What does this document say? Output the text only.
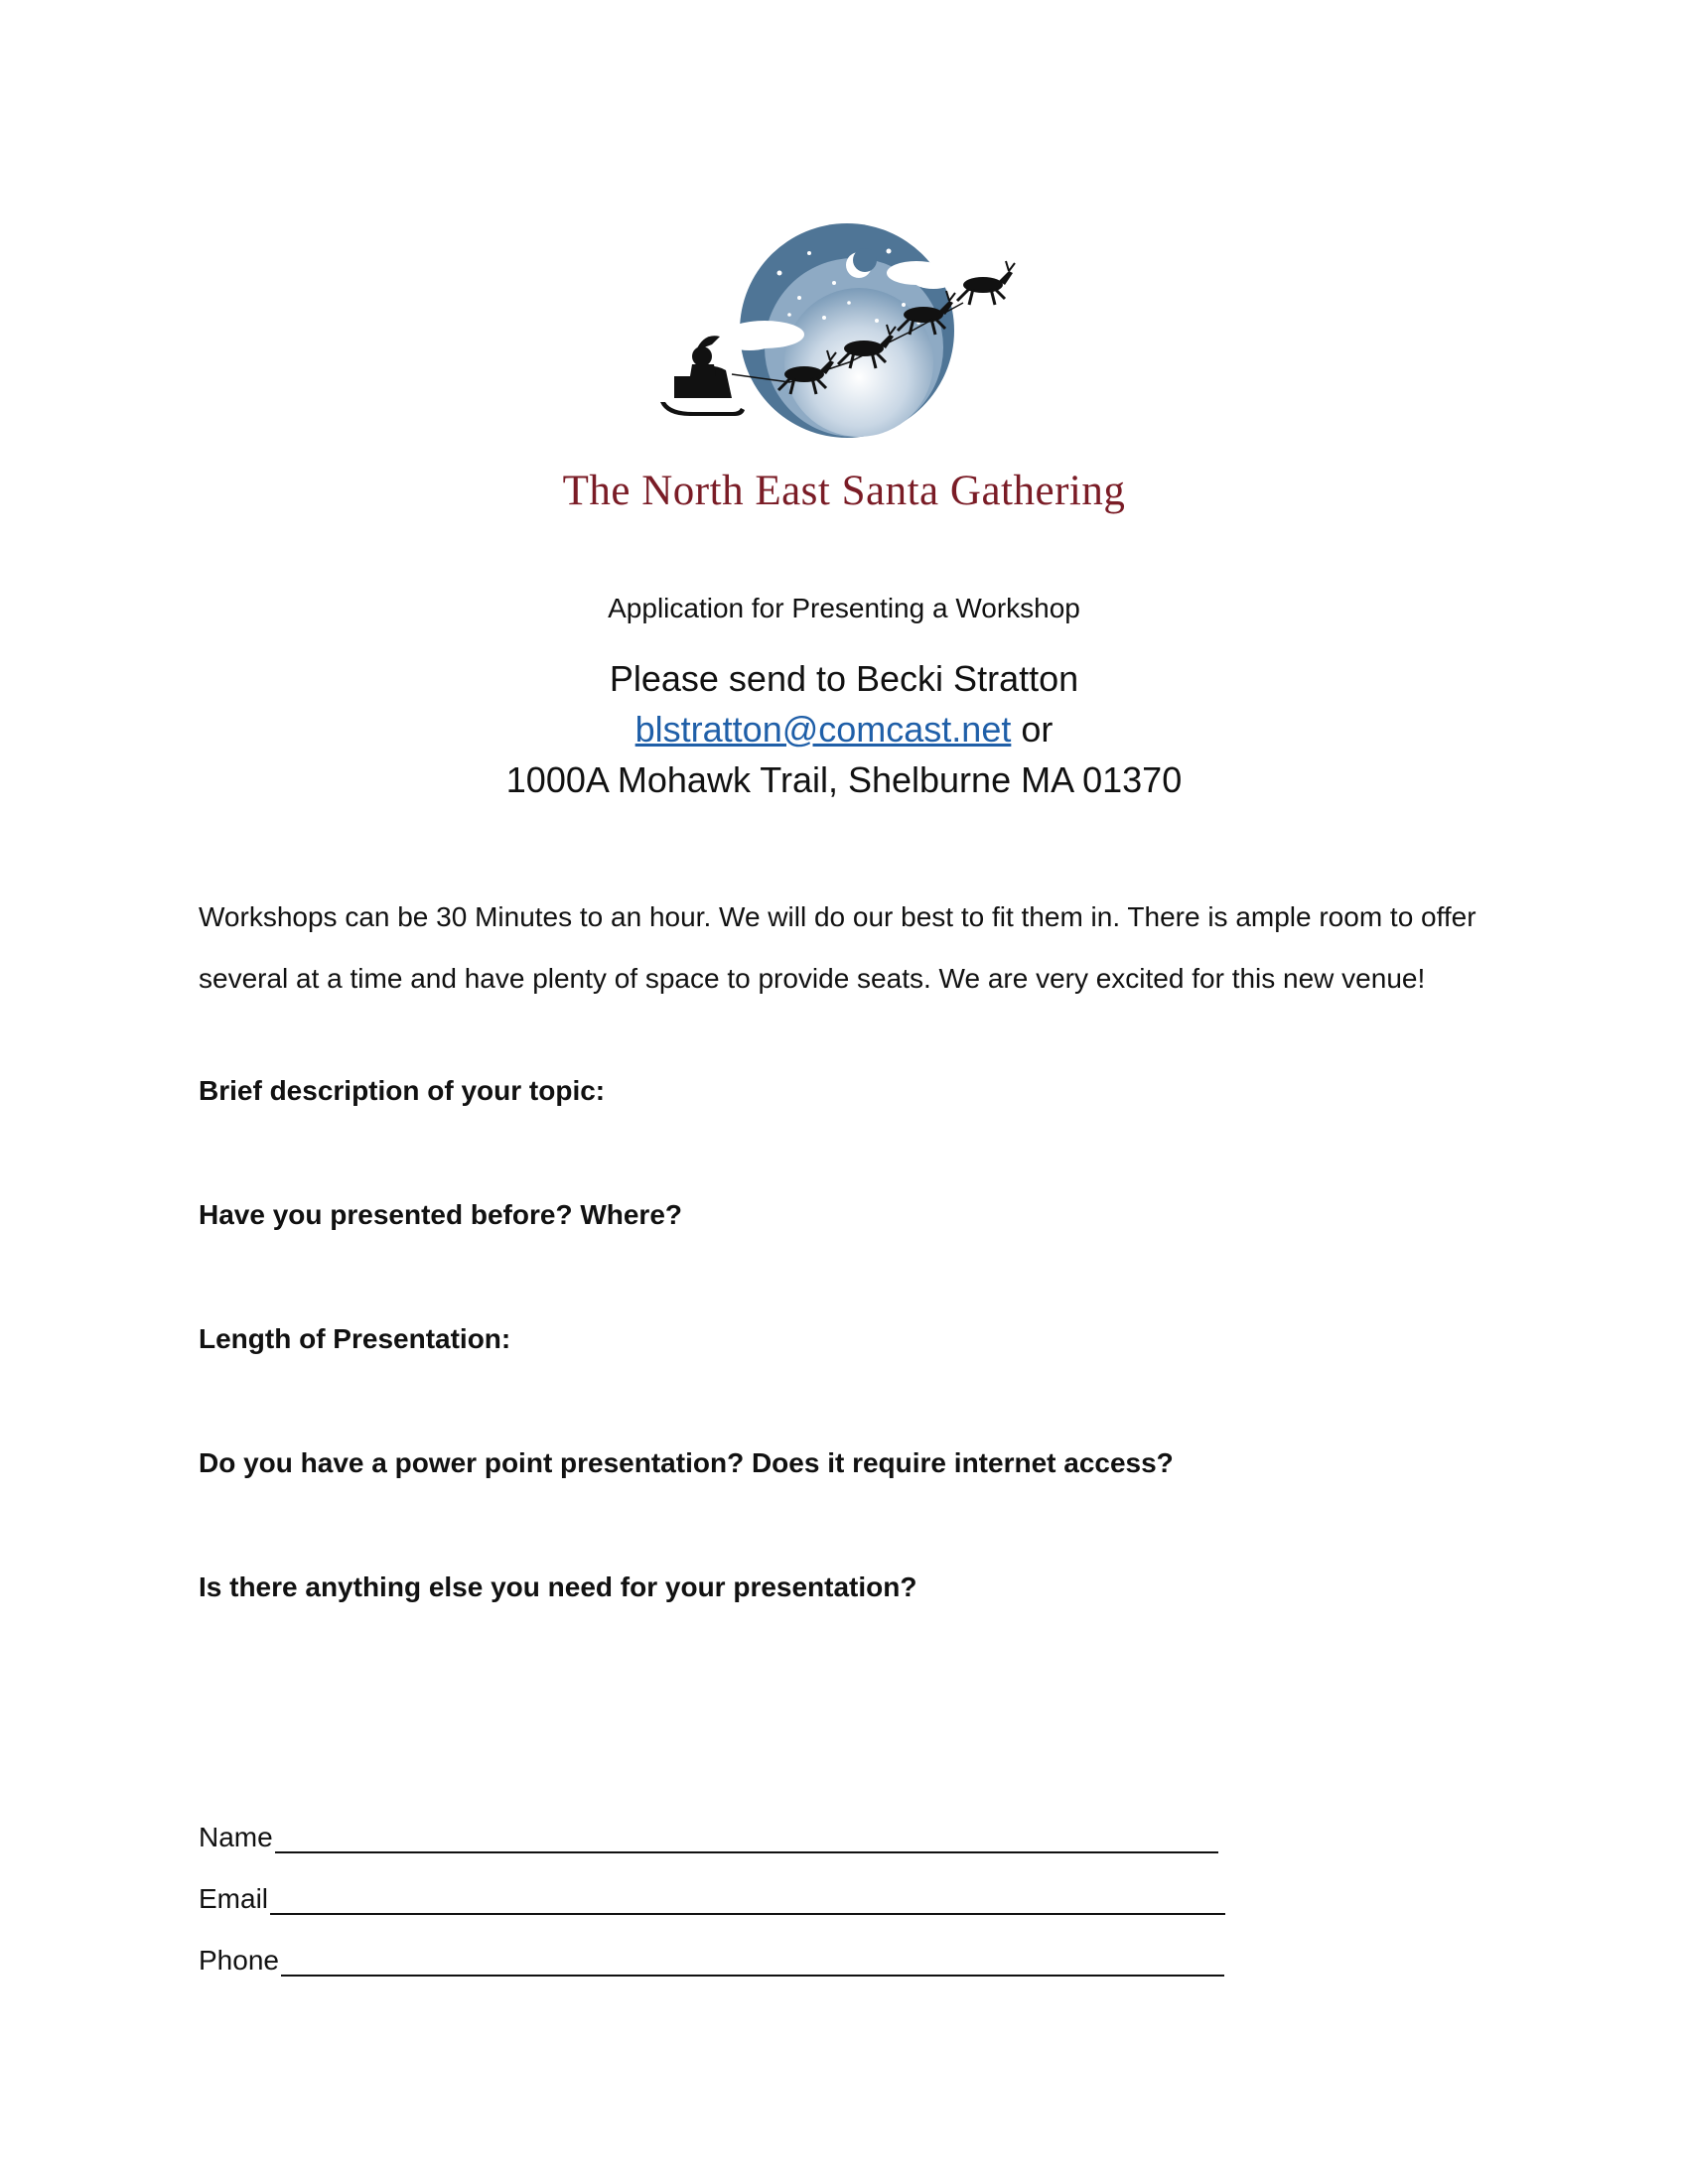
The North East Santa Gathering
Application for Presenting a Workshop
Please send to Becki Stratton
blstratton@comcast.net or
1000A Mohawk Trail, Shelburne MA 01370

Workshops can be 30 Minutes to an hour. We will do our best to fit them in. There is ample room to offer several at a time and have plenty of space to provide seats. We are very excited for this new venue!

Brief description of your topic:

Have you presented before? Where?

Length of Presentation:

Do you have a power point presentation? Does it require internet access?

Is there anything else you need for your presentation?

Name
Email
Phone
